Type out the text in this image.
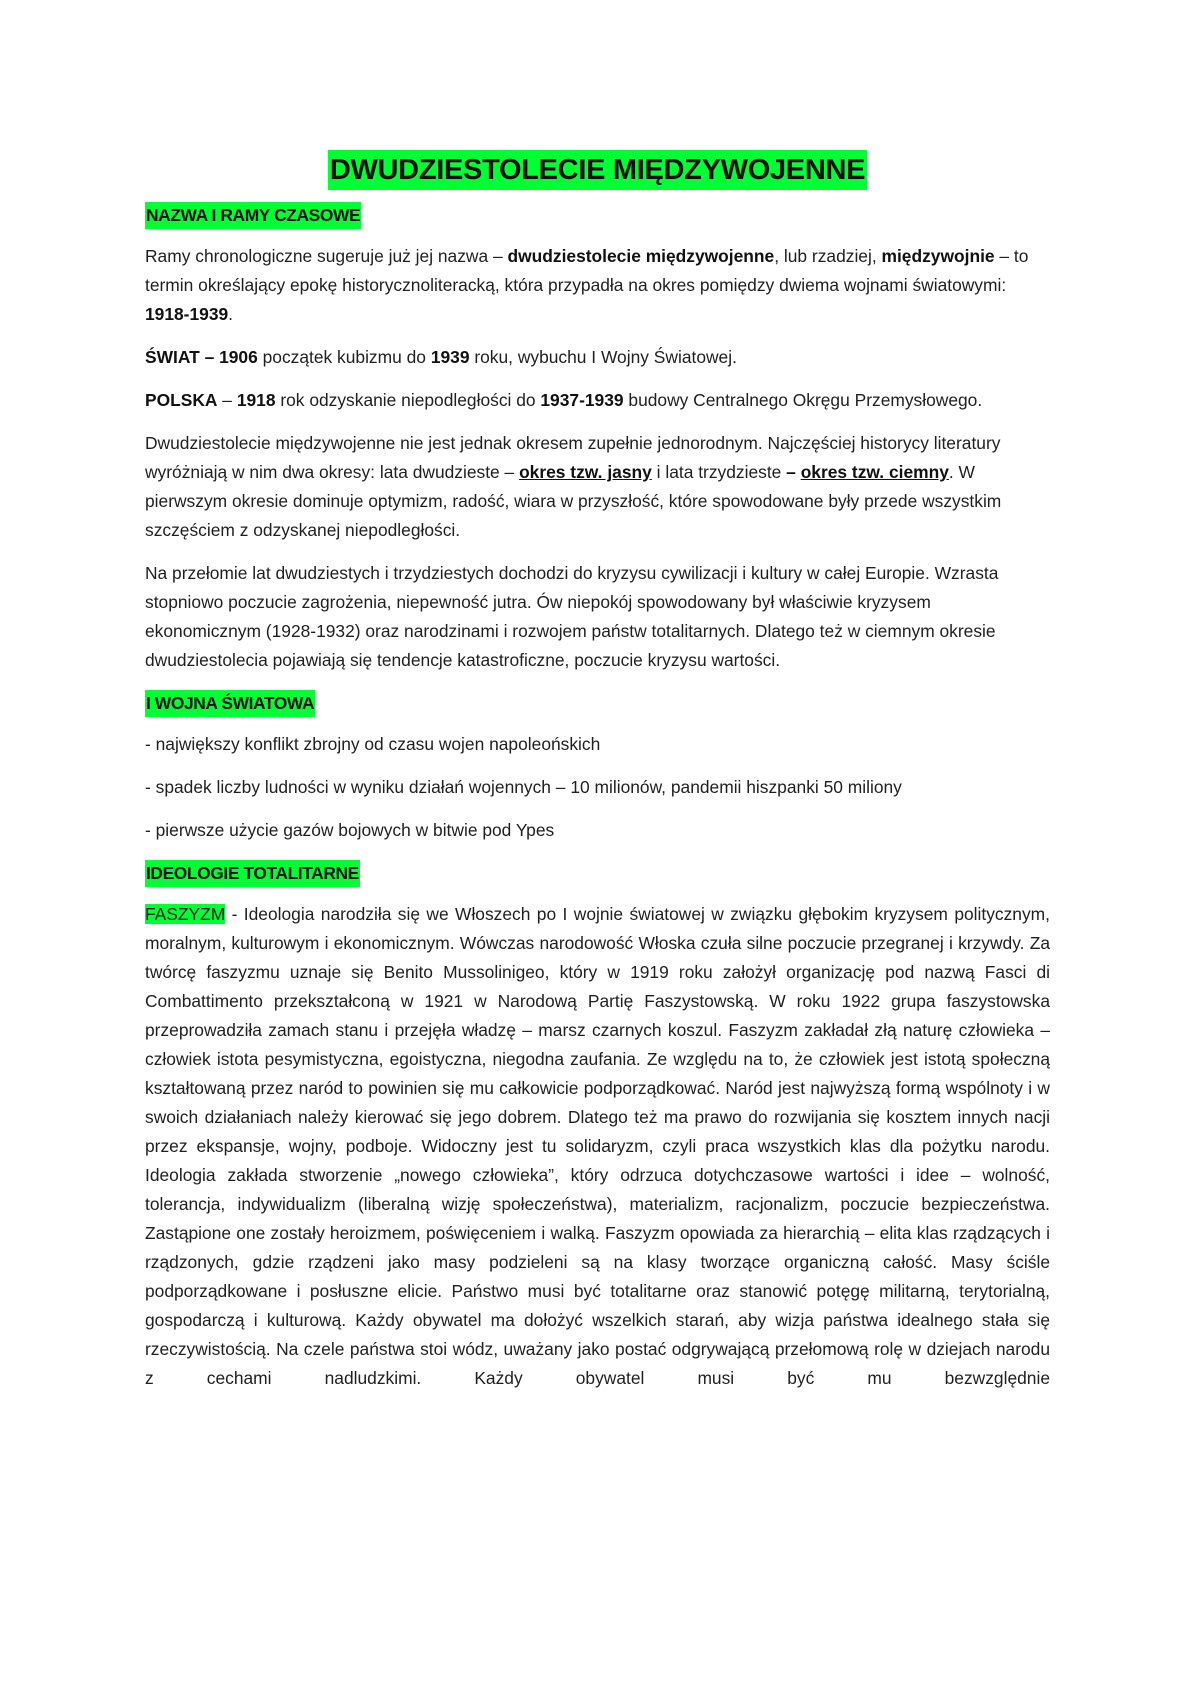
DWUDZIESTOLECIE MIĘDZYWOJENNE
NAZWA I RAMY CZASOWE

Ramy chronologiczne sugeruje już jej nazwa – dwudziestolecie międzywojenne, lub rzadziej, międzywojnie – to termin określający epokę historycznoliteracką, która przypadła na okres pomiędzy dwiema wojnami światowymi: 1918-1939.

ŚWIAT – 1906 początek kubizmu do 1939 roku, wybuchu I Wojny Światowej.

POLSKA – 1918 rok odzyskanie niepodległości do 1937-1939 budowy Centralnego Okręgu Przemysłowego.

Dwudziestolecie międzywojenne nie jest jednak okresem zupełnie jednorodnym. Najczęściej historycy literatury wyróżniają w nim dwa okresy: lata dwudzieste – okres tzw. jasny i lata trzydzieste – okres tzw. ciemny. W pierwszym okresie dominuje optymizm, radość, wiara w przyszłość, które spowodowane były przede wszystkim szczęściem z odzyskanej niepodległości.

Na przełomie lat dwudziestych i trzydziestych dochodzi do kryzysu cywilizacji i kultury w całej Europie. Wzrasta stopniowo poczucie zagrożenia, niepewność jutra. Ów niepokój spowodowany był właściwie kryzysem ekonomicznym (1928-1932) oraz narodzinami i rozwojem państw totalitarnych. Dlatego też w ciemnym okresie dwudziestolecia pojawiają się tendencje katastroficzne, poczucie kryzysu wartości.

I WOJNA ŚWIATOWA

- największy konflikt zbrojny od czasu wojen napoleońskich

- spadek liczby ludności w wyniku działań wojennych – 10 milionów, pandemii hiszpanki 50 miliony

- pierwsze użycie gazów bojowych w bitwie pod Ypes

IDEOLOGIE TOTALITARNE

FASZYZM - Ideologia narodziła się we Włoszech po I wojnie światowej w związku głębokim kryzysem politycznym, moralnym, kulturowym i ekonomicznym. Wówczas narodowość Włoska czuła silne poczucie przegranej i krzywdy. Za twórcę faszyzmu uznaje się Benito Mussolinigeo, który w 1919 roku założył organizację pod nazwą Fasci di Combattimento przekształconą w 1921 w Narodową Partię Faszystowską. W roku 1922 grupa faszystowska przeprowadziła zamach stanu i przejęła władzę – marsz czarnych koszul. Faszyzm zakładał złą naturę człowieka – człowiek istota pesymistyczna, egoistyczna, niegodna zaufania. Ze względu na to, że człowiek jest istotą społeczną kształtowaną przez naród to powinien się mu całkowicie podporządkować. Naród jest najwyższą formą wspólnoty i w swoich działaniach należy kierować się jego dobrem. Dlatego też ma prawo do rozwijania się kosztem innych nacji przez ekspansje, wojny, podboje. Widoczny jest tu solidaryzm, czyli praca wszystkich klas dla pożytku narodu. Ideologia zakłada stworzenie „nowego człowieka”, który odrzuca dotychczasowe wartości i idee – wolność, tolerancja, indywidualizm (liberalną wizję społeczeństwa), materializm, racjonalizm, poczucie bezpieczeństwa. Zastąpione one zostały heroizmem, poświęceniem i walką. Faszyzm opowiada za hierarchią – elita klas rządzących i rządzonych, gdzie rządzeni jako masy podzieleni są na klasy tworzące organiczną całość. Masy ściśle podporządkowane i posłuszne elicie. Państwo musi być totalitarne oraz stanowić potęgę militarną, terytorialną, gospodarczą i kulturową. Każdy obywatel ma dołożyć wszelkich starań, aby wizja państwa idealnego stała się rzeczywistością. Na czele państwa stoi wódz, uważany jako postać odgrywającą przełomową rolę w dziejach narodu z cechami nadludzkimi. Każdy obywatel musi być mu bezwzględnie
